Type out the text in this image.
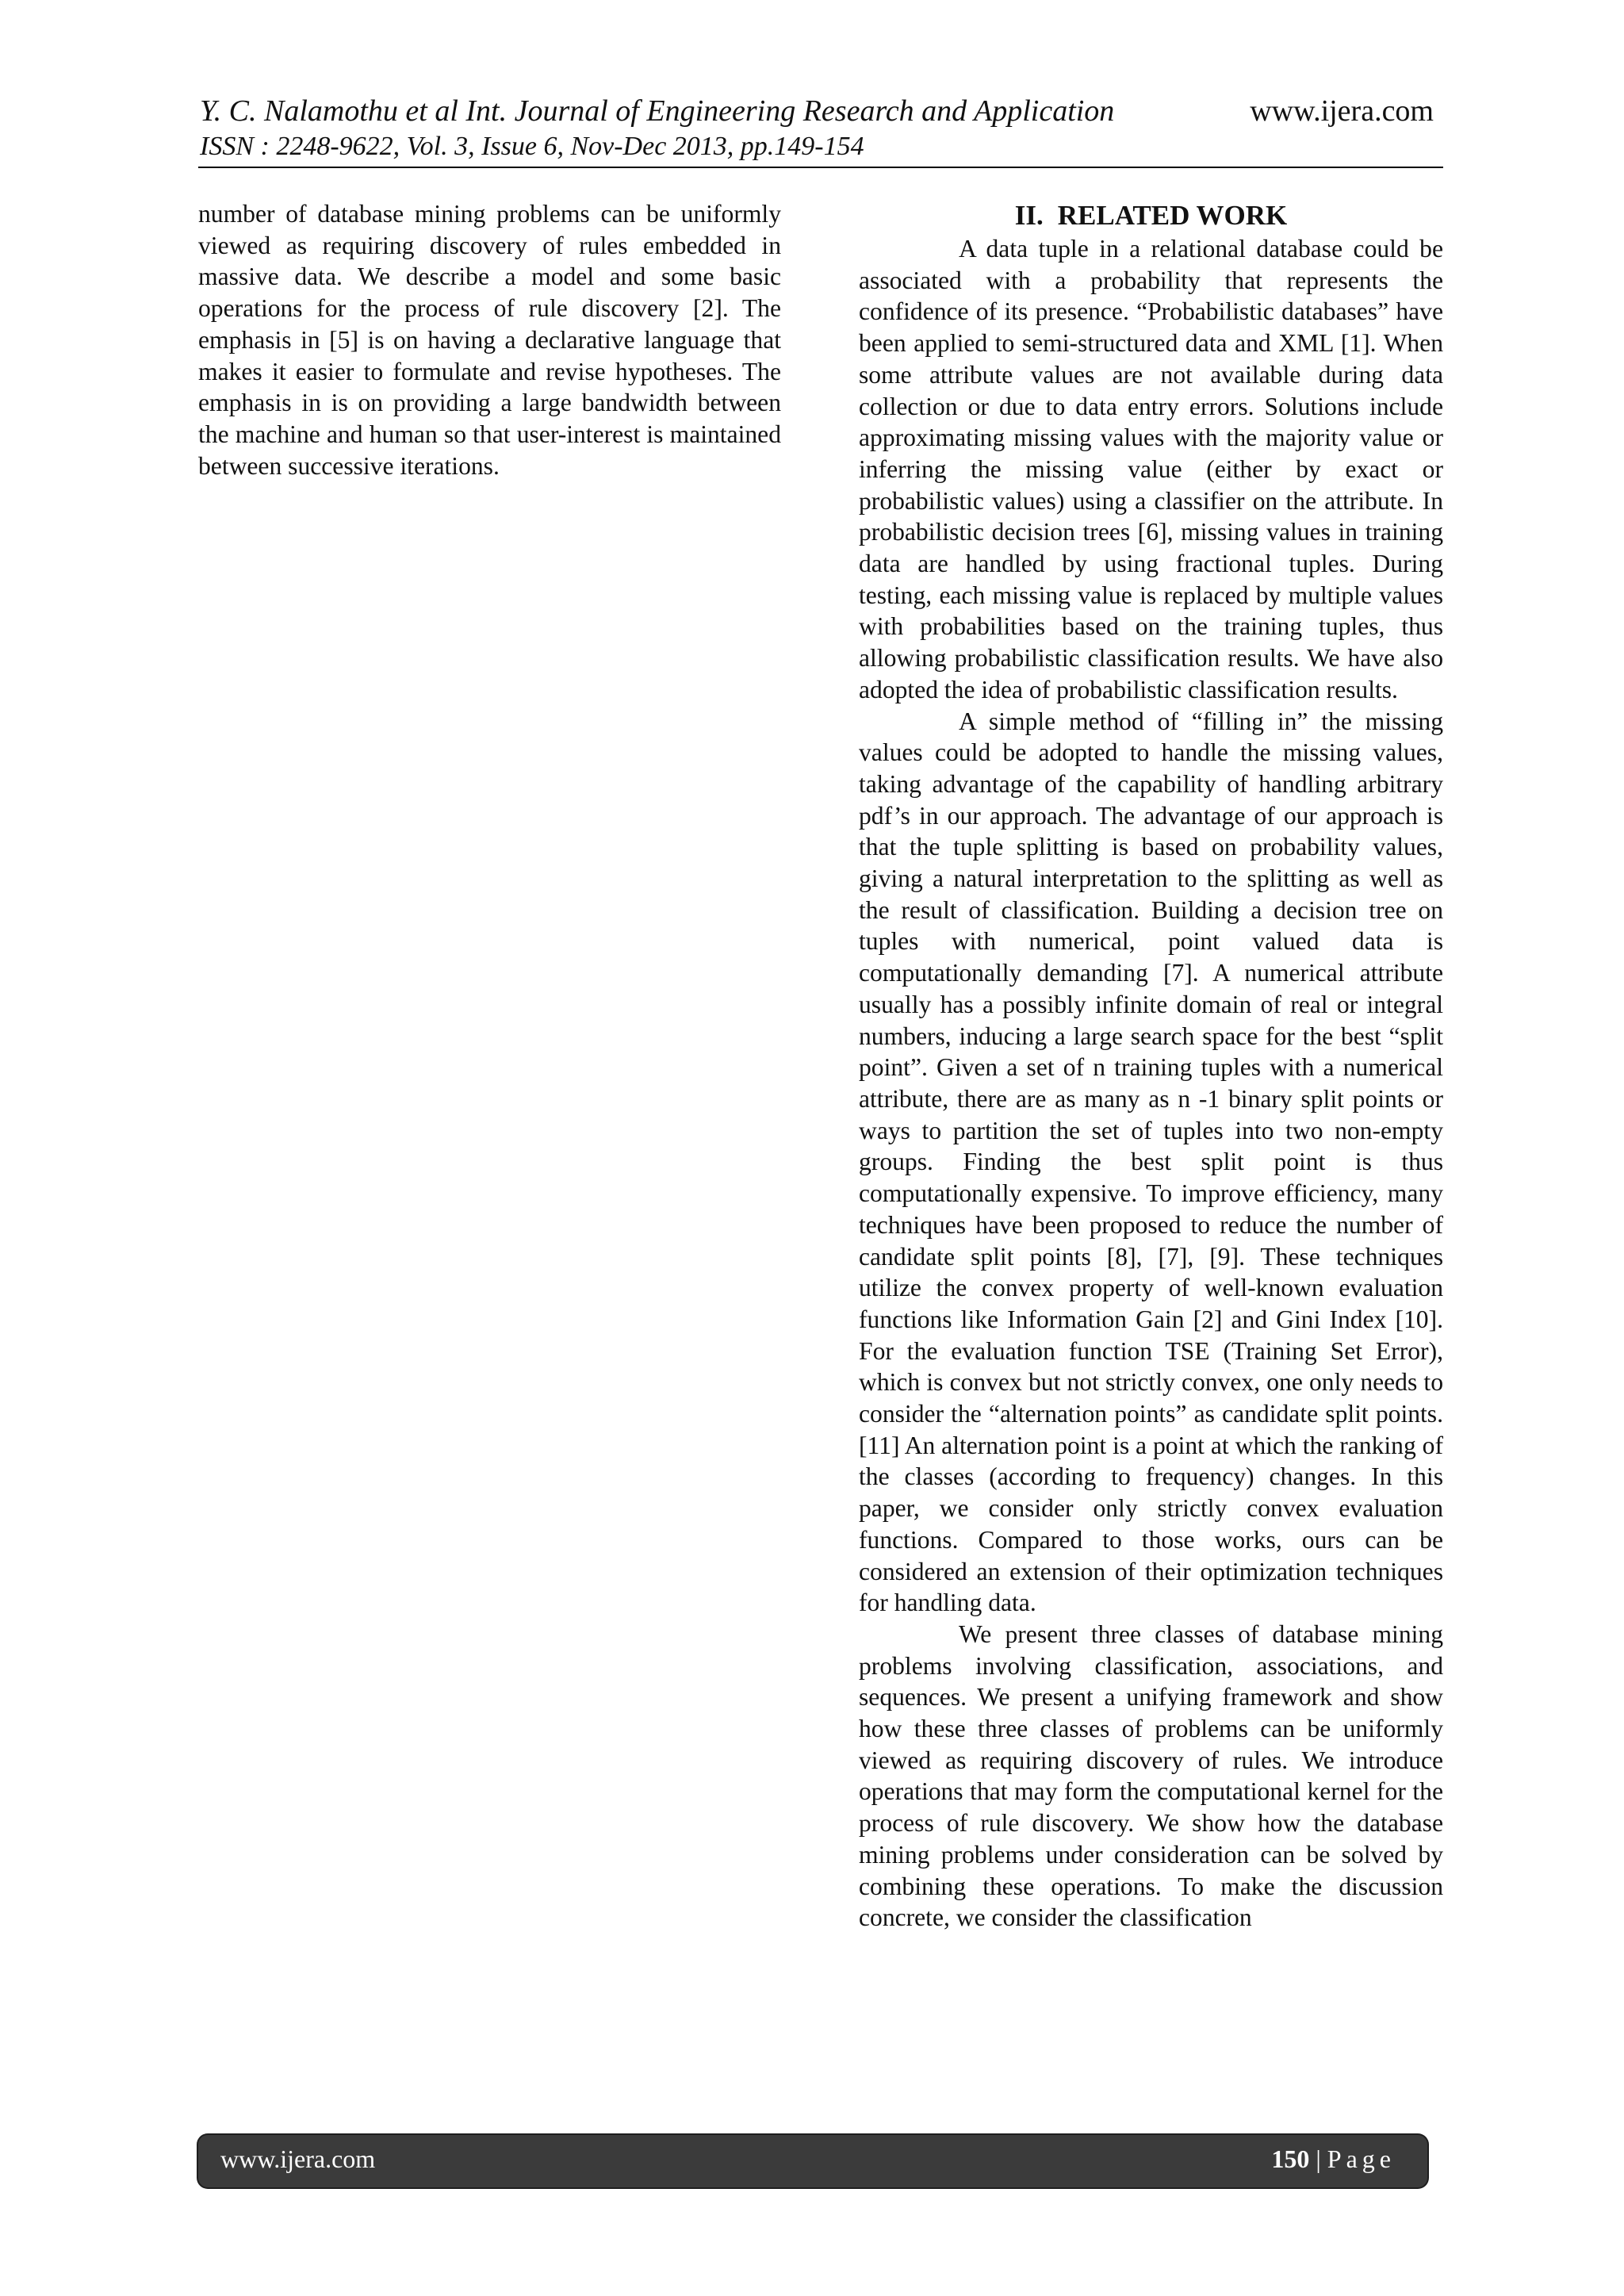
Y. C. Nalamothu et al Int. Journal of Engineering Research and Application	www.ijera.com
ISSN : 2248-9622, Vol. 3, Issue 6, Nov-Dec 2013, pp.149-154

number of database mining problems can be uniformly viewed as requiring discovery of rules embedded in massive data. We describe a model and some basic operations for the process of rule discovery [2]. The emphasis in [5] is on having a declarative language that makes it easier to formulate and revise hypotheses. The emphasis in is on providing a large bandwidth between the machine and human so that user-interest is maintained between successive iterations.

II. RELATED WORK

A data tuple in a relational database could be associated with a probability that represents the confidence of its presence. “Probabilistic databases” have been applied to semi-structured data and XML [1]. When some attribute values are not available during data collection or due to data entry errors. Solutions include approximating missing values with the majority value or inferring the missing value (either by exact or probabilistic values) using a classifier on the attribute. In probabilistic decision trees [6], missing values in training data are handled by using fractional tuples. During testing, each missing value is replaced by multiple values with probabilities based on the training tuples, thus allowing probabilistic classification results. We have also adopted the idea of probabilistic classification results.

A simple method of “filling in” the missing values could be adopted to handle the missing values, taking advantage of the capability of handling arbitrary pdf’s in our approach. The advantage of our approach is that the tuple splitting is based on probability values, giving a natural interpretation to the splitting as well as the result of classification. Building a decision tree on tuples with numerical, point valued data is computationally demanding [7]. A numerical attribute usually has a possibly infinite domain of real or integral numbers, inducing a large search space for the best “split point”. Given a set of n training tuples with a numerical attribute, there are as many as n -1 binary split points or ways to partition the set of tuples into two non-empty groups. Finding the best split point is thus computationally expensive. To improve efficiency, many techniques have been proposed to reduce the number of candidate split points [8], [7], [9]. These techniques utilize the convex property of well-known evaluation functions like Information Gain [2] and Gini Index [10]. For the evaluation function TSE (Training Set Error), which is convex but not strictly convex, one only needs to consider the “alternation points” as candidate split points.[11] An alternation point is a point at which the ranking of the classes (according to frequency) changes. In this paper, we consider only strictly convex evaluation functions. Compared to those works, ours can be considered an extension of their optimization techniques for handling data.

We present three classes of database mining problems involving classification, associations, and sequences. We present a unifying framework and show how these three classes of problems can be uniformly viewed as requiring discovery of rules. We introduce operations that may form the computational kernel for the process of rule discovery. We show how the database mining problems under consideration can be solved by combining these operations. To make the discussion concrete, we consider the classification

www.ijera.com	150 | Page
